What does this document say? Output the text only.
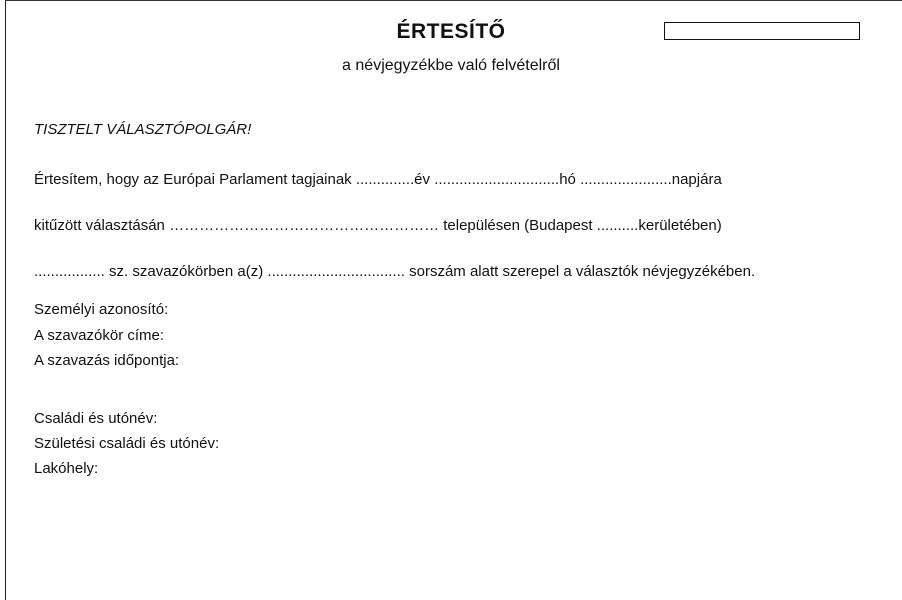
ÉRTESÍTŐ
a névjegyzékbe való felvételről
TISZTELT VÁLASZTÓPOLGÁR!
Értesítem, hogy az Európai Parlament tagjainak ..............év ..............................hó ......................napjára
kitűzött választásán ……………………………………………… településen (Budapest ..........kerületében)
................. sz. szavazókörben a(z) ................................. sorszám alatt szerepel a választók névjegyzékében.
Személyi azonosító:
A szavazókör címe:
A szavazás időpontja:
Családi és utónév:
Születési családi és utónév:
Lakóhely:
